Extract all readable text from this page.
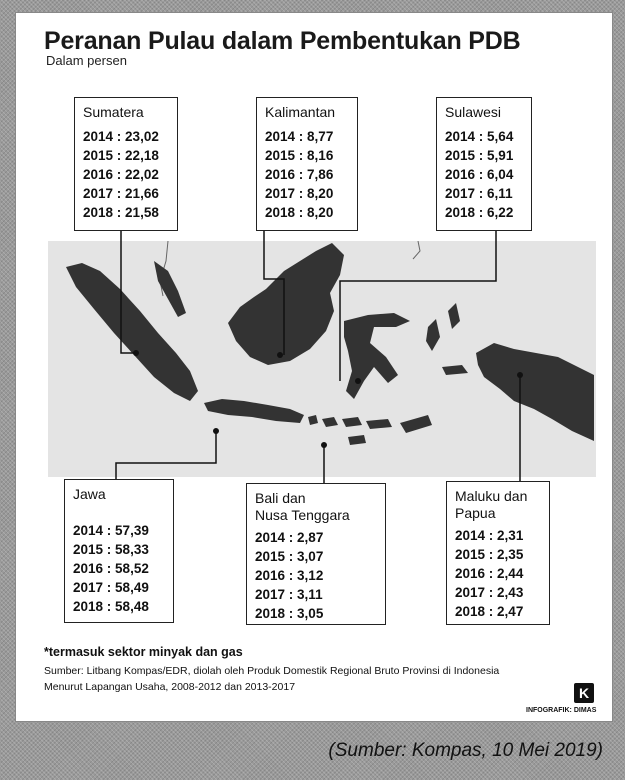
Peranan Pulau dalam Pembentukan PDB
Dalam persen
Sumatera
2014 : 23,02
2015 : 22,18
2016 : 22,02
2017 : 21,66
2018 : 21,58
Kalimantan
2014 : 8,77
2015 : 8,16
2016 : 7,86
2017 : 8,20
2018 : 8,20
Sulawesi
2014 : 5,64
2015 : 5,91
2016 : 6,04
2017 : 6,11
2018 : 6,22
Jawa
2014 : 57,39
2015 : 58,33
2016 : 58,52
2017 : 58,49
2018 : 58,48
Bali dan
Nusa Tenggara
2014 : 2,87
2015 : 3,07
2016 : 3,12
2017 : 3,11
2018 : 3,05
Maluku dan
Papua
2014 : 2,31
2015 : 2,35
2016 : 2,44
2017 : 2,43
2018 : 2,47
*termasuk sektor minyak dan gas
Sumber: Litbang Kompas/EDR, diolah oleh Produk Domestik Regional Bruto Provinsi di Indonesia
Menurut Lapangan Usaha, 2008-2012 dan 2013-2017	K
INFOGRAFIK: DIMAS
(Sumber: Kompas, 10 Mei 2019)
